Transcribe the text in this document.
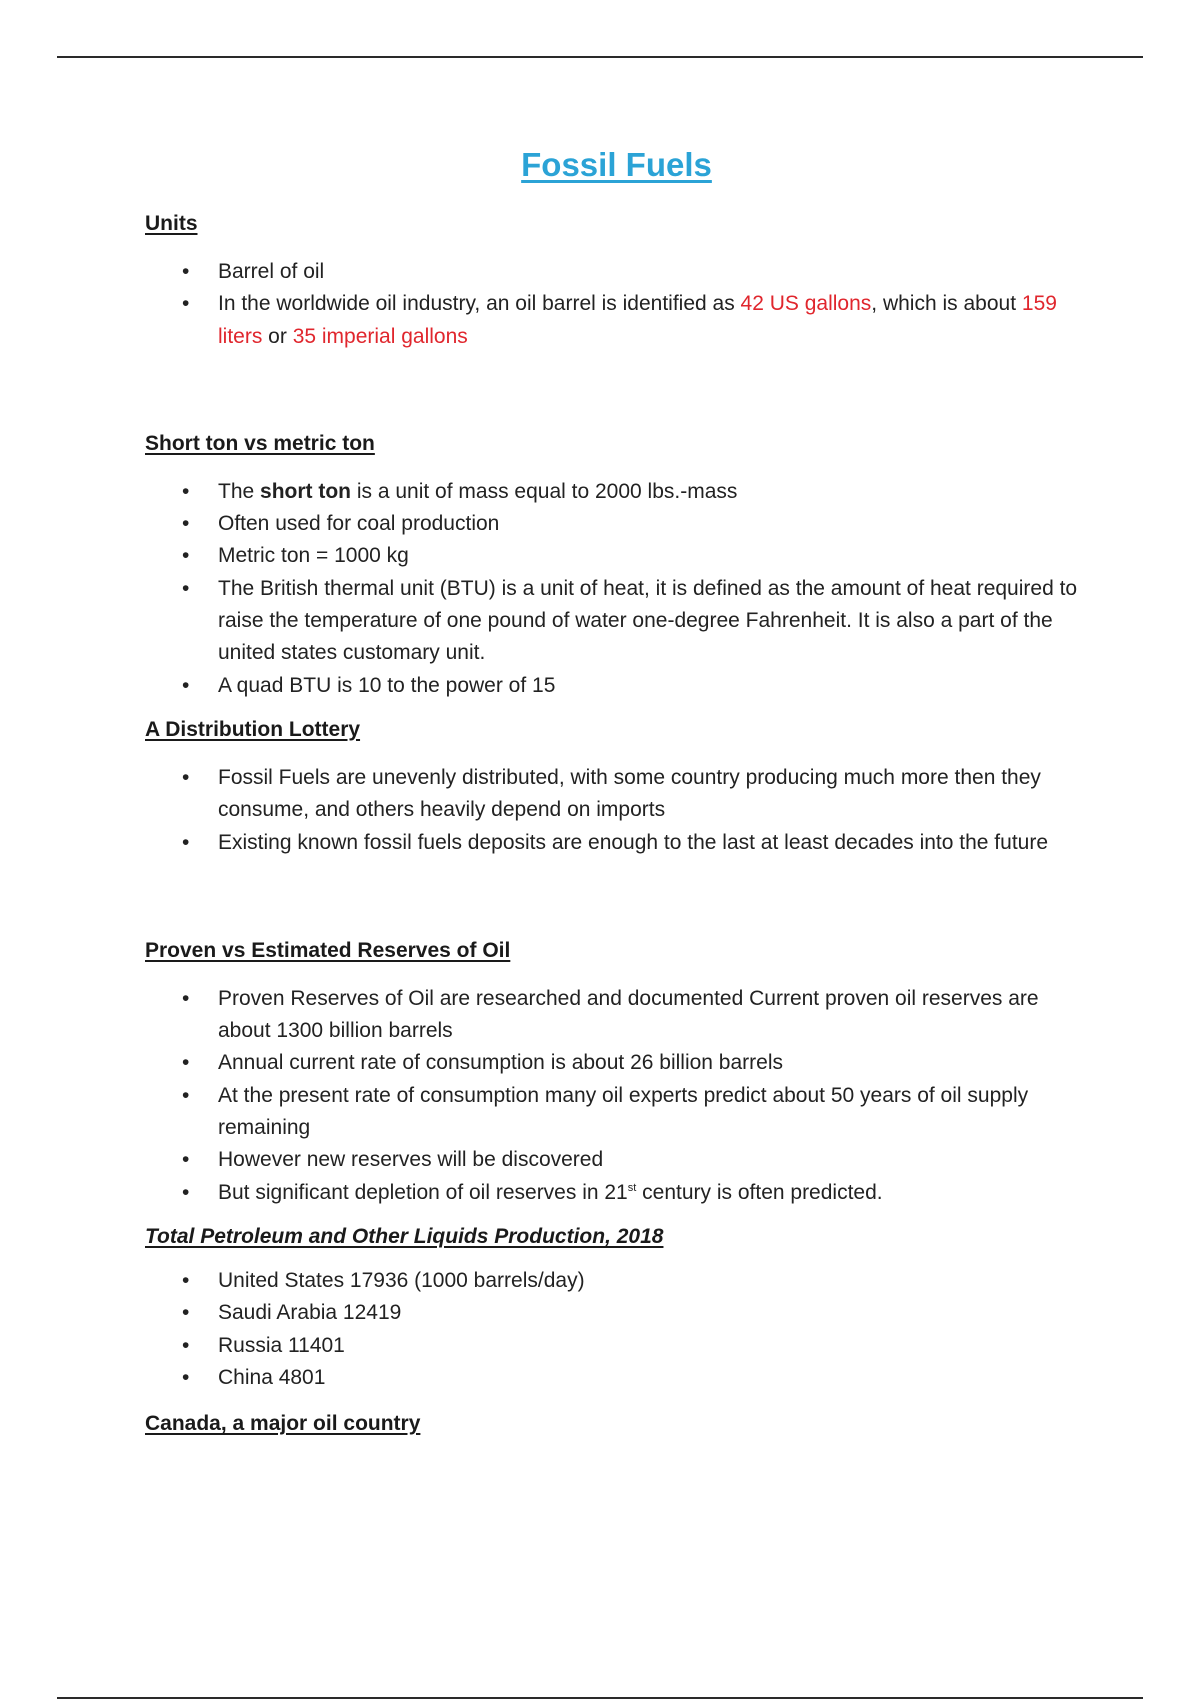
Fossil Fuels
Units
• Barrel of oil
• In the worldwide oil industry, an oil barrel is identified as 42 US gallons, which is about 159 liters or 35 imperial gallons
Short ton vs metric ton
• The short ton is a unit of mass equal to 2000 lbs.-mass
• Often used for coal production
• Metric ton = 1000 kg
• The British thermal unit (BTU) is a unit of heat, it is defined as the amount of heat required to raise the temperature of one pound of water one-degree Fahrenheit. It is also a part of the united states customary unit.
• A quad BTU is 10 to the power of 15
A Distribution Lottery
• Fossil Fuels are unevenly distributed, with some country producing much more then they consume, and others heavily depend on imports
• Existing known fossil fuels deposits are enough to the last at least decades into the future
Proven vs Estimated Reserves of Oil
• Proven Reserves of Oil are researched and documented Current proven oil reserves are about 1300 billion barrels
• Annual current rate of consumption is about 26 billion barrels
• At the present rate of consumption many oil experts predict about 50 years of oil supply remaining
• However new reserves will be discovered
• But significant depletion of oil reserves in 21st century is often predicted.
Total Petroleum and Other Liquids Production, 2018
• United States 17936 (1000 barrels/day)
• Saudi Arabia 12419
• Russia 11401
• China 4801
Canada, a major oil country
